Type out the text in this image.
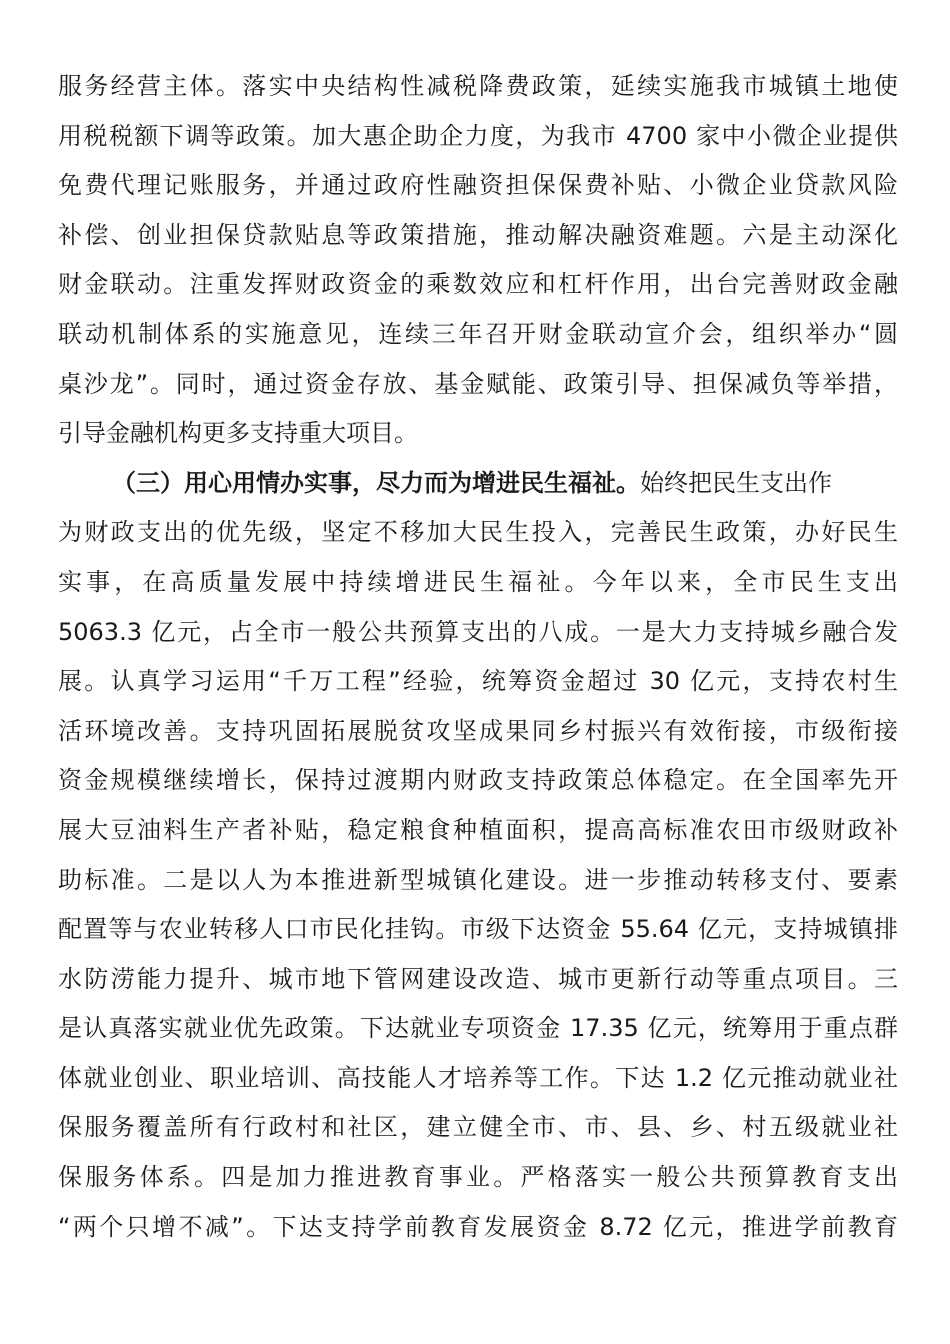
服务经营主体。落实中央结构性减税降费政策，延续实施我市城镇土地使
用税税额下调等政策。加大惠企助企力度，为我市 4700 家中小微企业提供
免费代理记账服务，并通过政府性融资担保保费补贴、小微企业贷款风险
补偿、创业担保贷款贴息等政策措施，推动解决融资难题。六是主动深化
财金联动。注重发挥财政资金的乘数效应和杠杆作用，出台完善财政金融
联动机制体系的实施意见，连续三年召开财金联动宣介会，组织举办“圆
桌沙龙”。同时，通过资金存放、基金赋能、政策引导、担保减负等举措，
引导金融机构更多支持重大项目。
（三）用心用情办实事，尽力而为增进民生福祉。始终把民生支出作
为财政支出的优先级，坚定不移加大民生投入，完善民生政策，办好民生
实事，在高质量发展中持续增进民生福祉。今年以来，全市民生支出
5063.3 亿元，占全市一般公共预算支出的八成。一是大力支持城乡融合发
展。认真学习运用“千万工程”经验，统筹资金超过 30 亿元，支持农村生
活环境改善。支持巩固拓展脱贫攻坚成果同乡村振兴有效衔接，市级衔接
资金规模继续增长，保持过渡期内财政支持政策总体稳定。在全国率先开
展大豆油料生产者补贴，稳定粮食种植面积，提高高标准农田市级财政补
助标准。二是以人为本推进新型城镇化建设。进一步推动转移支付、要素
配置等与农业转移人口市民化挂钩。市级下达资金 55.64 亿元，支持城镇排
水防涝能力提升、城市地下管网建设改造、城市更新行动等重点项目。三
是认真落实就业优先政策。下达就业专项资金 17.35 亿元，统筹用于重点群
体就业创业、职业培训、高技能人才培养等工作。下达 1.2 亿元推动就业社
保服务覆盖所有行政村和社区，建立健全市、市、县、乡、村五级就业社
保服务体系。四是加力推进教育事业。严格落实一般公共预算教育支出
“两个只增不减”。下达支持学前教育发展资金 8.72 亿元，推进学前教育
